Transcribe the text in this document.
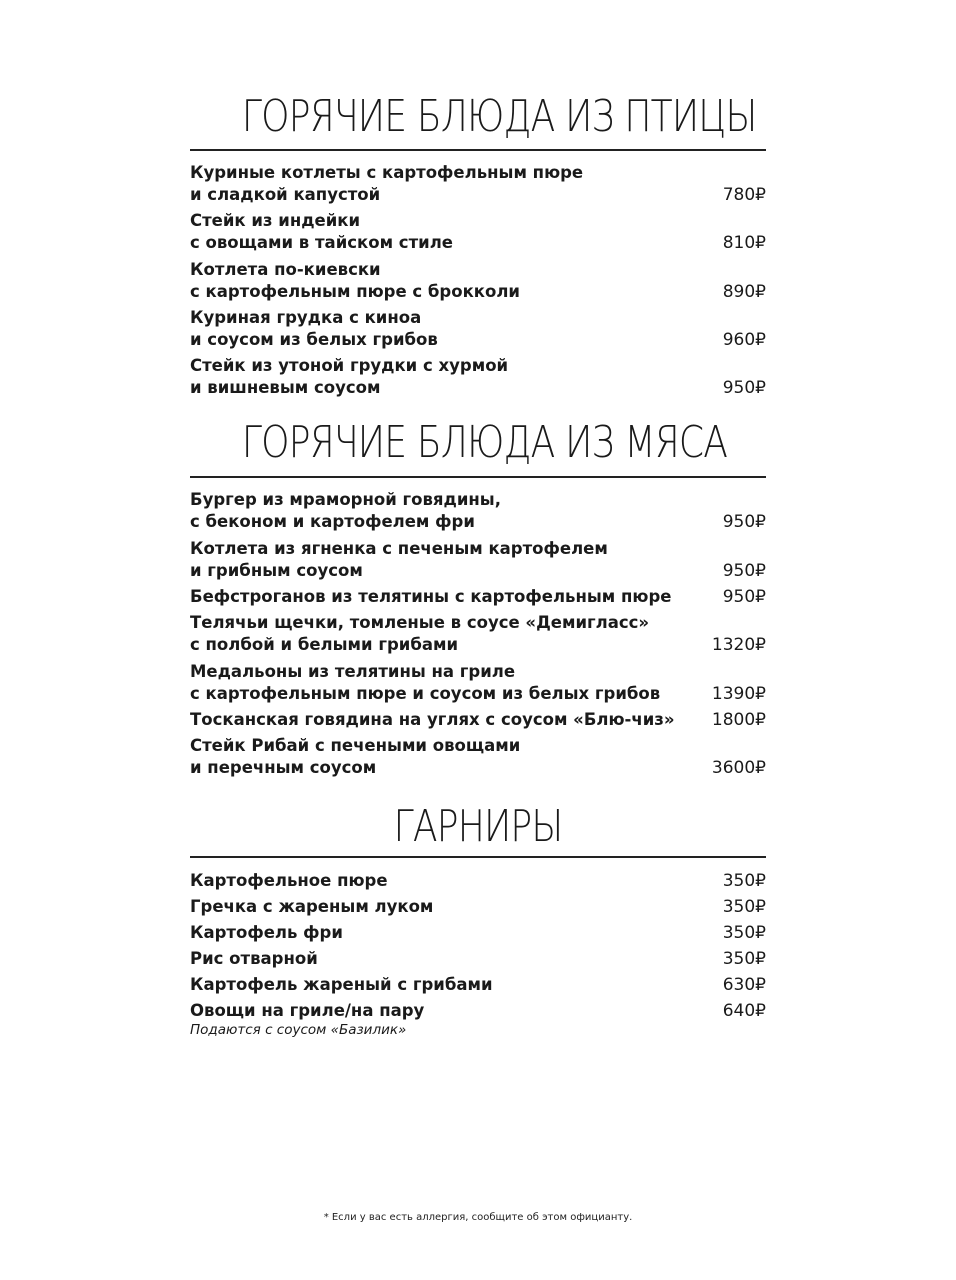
ГОРЯЧИЕ БЛЮДА ИЗ ПТИЦЫ
Куриные котлеты с картофельным пюре
и сладкой капустой	780₽
Стейк из индейки
с овощами в тайском стиле	810₽
Котлета по-киевски
с картофельным пюре с брокколи	890₽
Куриная грудка с киноа
и соусом из белых грибов	960₽
Стейк из утоной грудки с хурмой
и вишневым соусом	950₽
ГОРЯЧИЕ БЛЮДА ИЗ МЯСА
Бургер из мраморной говядины,
с беконом и картофелем фри	950₽
Котлета из ягненка с печеным картофелем
и грибным соусом	950₽
Бефстроганов из телятины с картофельным пюре	950₽
Телячьи щечки, томленые в соусе «Демигласс»
с полбой и белыми грибами	1320₽
Медальоны из телятины на гриле
с картофельным пюре и соусом из белых грибов	1390₽
Тосканская говядина на углях с соусом «Блю-чиз»	1800₽
Стейк Рибай с печеными овощами
и перечным соусом	3600₽
ГАРНИРЫ
Картофельное пюре	350₽
Гречка с жареным луком	350₽
Картофель фри	350₽
Рис отварной	350₽
Картофель жареный с грибами	630₽
Овощи на гриле/на пару	640₽
Подаются с соусом «Базилик»
* Если у вас есть аллергия, сообщите об этом официанту.
